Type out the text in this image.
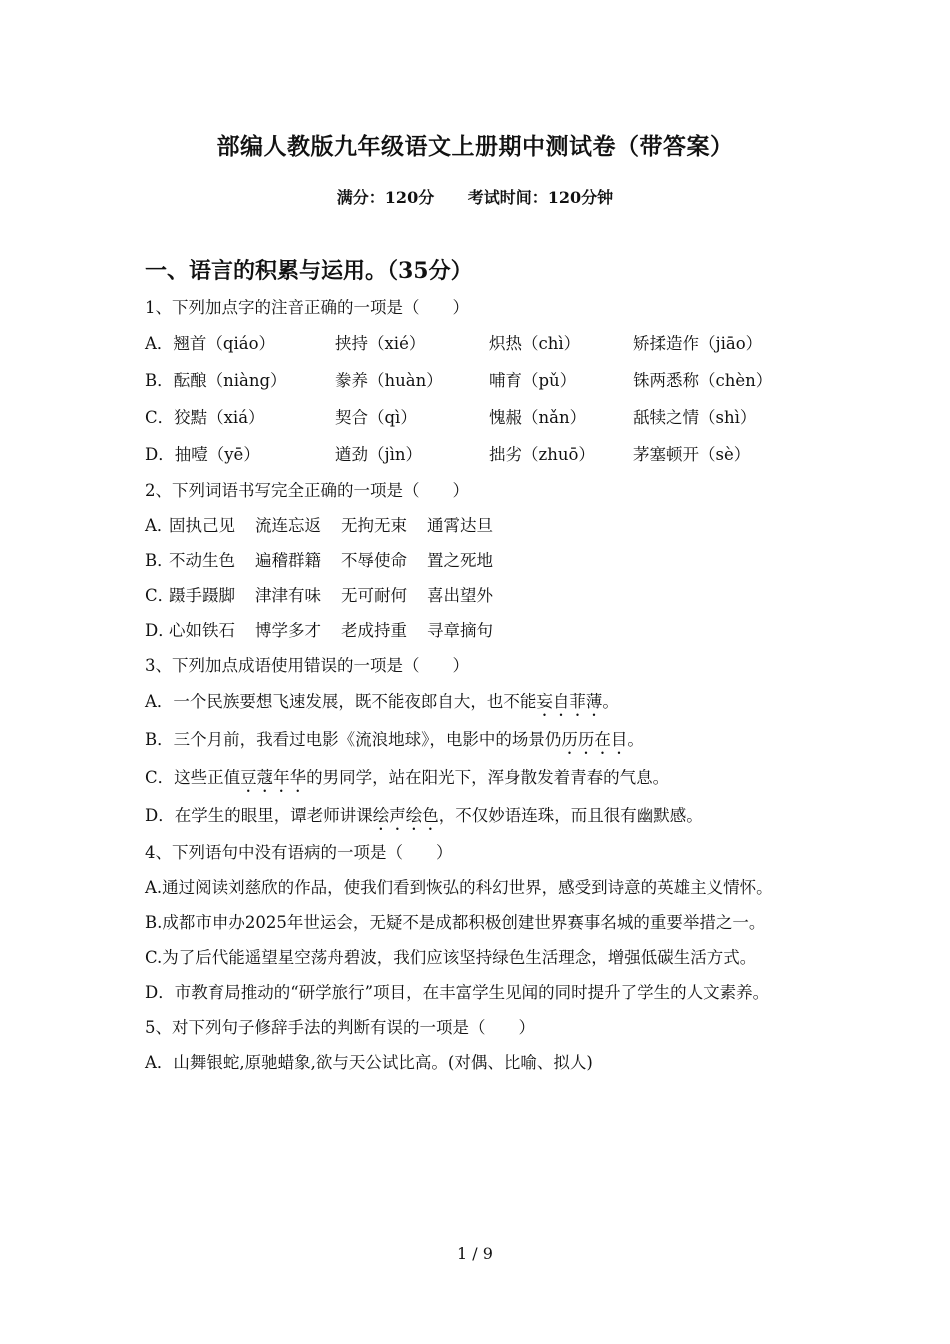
部编人教版九年级语文上册期中测试卷（带答案）
满分：120分 考试时间：120分钟
一、语言的积累与运用。（35分）
1、下列加点字的注音正确的一项是（　　）
A．翘首（qiáo）	挟持（xié）	炽热（chì）	矫揉造作（jiāo）
B．酝酿（niàng）	豢养（huàn）	哺育（pǔ）	铢两悉称（chèn）
C．狡黠（xiá）	契合（qì）	愧赧（nǎn）	舐犊之情（shì）
D．抽噎（yē）	遒劲（jìn）	拙劣（zhuō）	茅塞顿开（sè）
2、下列词语书写完全正确的一项是（　　）
A．
固执己见 流连忘返 无拘无束 通霄达旦
B．
不动生色 遍稽群籍 不辱使命 置之死地
C．
蹑手蹑脚 津津有味 无可耐何 喜出望外
D．
心如铁石 博学多才 老成持重 寻章摘句
3、下列加点成语使用错误的一项是（　　）
A．一个民族要想飞速发展，既不能夜郎自大，也不能妄自菲薄。
B．三个月前，我看过电影《流浪地球》，电影中的场景仍历历在目。
C．这些正值豆蔻年华的男同学，站在阳光下，浑身散发着青春的气息。
D．在学生的眼里，谭老师讲课绘声绘色，不仅妙语连珠，而且很有幽默感。
4、下列语句中没有语病的一项是（　　）
A.通过阅读刘慈欣的作品，使我们看到恢弘的科幻世界，感受到诗意的英雄主义情怀。
B.成都市申办2025年世运会，无疑不是成都积极创建世界赛事名城的重要举措之一。
C.为了后代能遥望星空荡舟碧波，我们应该坚持绿色生活理念，增强低碳生活方式。
D．市教育局推动的“研学旅行”项目，在丰富学生见闻的同时提升了学生的人文素养。
5、对下列句子修辞手法的判断有误的一项是（　　）
A．山舞银蛇,原驰蜡象,欲与天公试比高。(对偶、比喻、拟人)
1 / 9
